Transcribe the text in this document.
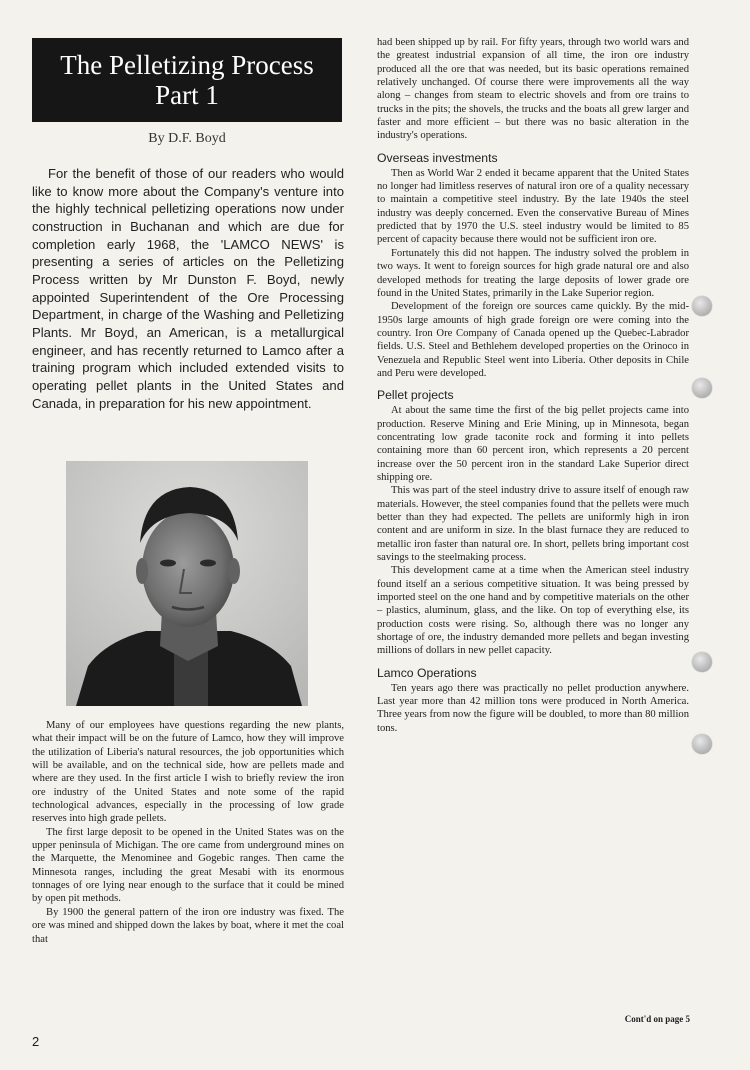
The Pelletizing Process
Part 1
By D.F. Boyd

For the benefit of those of our readers who would like to know more about the Company's venture into the highly technical pelletizing operations now under construction in Buchanan and which are due for completion early 1968, the 'LAMCO NEWS' is presenting a series of articles on the Pelletizing Process written by Mr Dunston F. Boyd, newly appointed Superintendent of the Ore Processing Department, in charge of the Washing and Pelletizing Plants. Mr Boyd, an American, is a metallurgical engineer, and has recently returned to Lamco after a training program which included extended visits to operating pellet plants in the United States and Canada, in preparation for his new appointment.

Many of our employees have questions regarding the new plants, what their impact will be on the future of Lamco, how they will improve the utilization of Liberia's natural resources, the job opportunities which will be available, and on the technical side, how are pellets made and where are they used. In the first article I wish to briefly review the iron ore industry of the United States and note some of the rapid technological advances, especially in the processing of low grade reserves into high grade pellets.

The first large deposit to be opened in the United States was on the upper peninsula of Michigan. The ore came from underground mines on the Marquette, the Menominee and Gogebic ranges. Then came the Minnesota ranges, including the great Mesabi with its enormous tonnages of ore lying near enough to the surface that it could be mined by open pit methods.

By 1900 the general pattern of the iron ore industry was fixed. The ore was mined and shipped down the lakes by boat, where it met the coal that

had been shipped up by rail. For fifty years, through two world wars and the greatest industrial expansion of all time, the iron ore industry produced all the ore that was needed, but its basic operations remained relatively unchanged. Of course there were improvements all the way along – changes from steam to electric shovels and from ore trains to trucks in the pits; the shovels, the trucks and the boats all grew larger and faster and more efficient – but there was no basic alteration in the industry's operations.

Overseas investments

Then as World War 2 ended it became apparent that the United States no longer had limitless reserves of natural iron ore of a quality necessary to maintain a competitive steel industry. By the late 1940s the steel industry was deeply concerned. Even the conservative Bureau of Mines predicted that by 1970 the U.S. steel industry would be limited to 85 percent of capacity because there would not be sufficient iron ore.

Fortunately this did not happen. The industry solved the problem in two ways. It went to foreign sources for high grade natural ore and also developed methods for treating the large deposits of lower grade ore found in the United States, primarily in the Lake Superior region.

Development of the foreign ore sources came quickly. By the mid-1950s large amounts of high grade foreign ore were coming into the country. Iron Ore Company of Canada opened up the Quebec-Labrador fields. U.S. Steel and Bethlehem developed properties on the Orinoco in Venezuela and Republic Steel went into Liberia. Other deposits in Chile and Peru were developed.

Pellet projects

At about the same time the first of the big pellet projects came into production. Reserve Mining and Erie Mining, up in Minnesota, began concentrating low grade taconite rock and forming it into pellets containing more than 60 percent iron, which represents a 20 percent increase over the 50 percent iron in the standard Lake Superior direct shipping ore.

This was part of the steel industry drive to assure itself of enough raw materials. However, the steel companies found that the pellets were much better than they had expected. The pellets are uniformly high in iron content and are uniform in size. In the blast furnace they are reduced to metallic iron faster than natural ore. In short, pellets bring important cost savings to the steelmaking process.

This development came at a time when the American steel industry found itself an a serious competitive situation. It was being pressed by imported steel on the one hand and by competitive materials on the other – plastics, aluminum, glass, and the like. On top of everything else, its production costs were rising. So, although there was no longer any shortage of ore, the industry demanded more pellets and began investing millions of dollars in new pellet capacity.

Lamco Operations

Ten years ago there was practically no pellet production anywhere. Last year more than 42 million tons were produced in North America. Three years from now the figure will be doubled, to more than 80 million tons.

Cont'd on page 5
2
